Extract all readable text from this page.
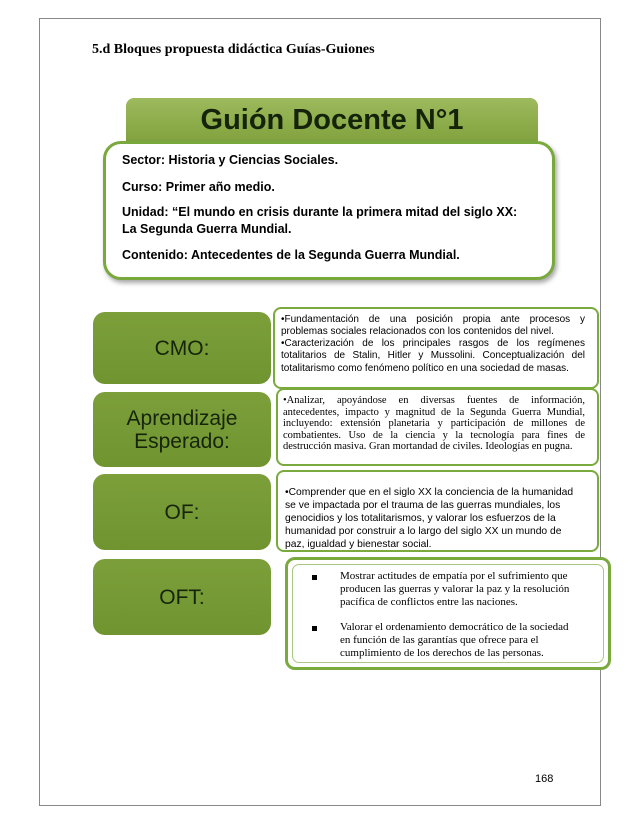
5.d Bloques propuesta didáctica Guías-Guiones
Guión Docente N°1
Sector: Historia y Ciencias Sociales.
Curso: Primer año medio.
Unidad: “El mundo en crisis durante la primera mitad del siglo XX:
La Segunda Guerra Mundial.
Contenido: Antecedentes de la Segunda Guerra Mundial.
CMO:
•Fundamentación de una posición propia ante procesos y problemas sociales relacionados con los contenidos del nivel.
•Caracterización de los principales rasgos de los regímenes totalitarios de Stalin, Hitler y Mussolini. Conceptualización del totalitarismo como fenómeno político en una sociedad de masas.
Aprendizaje
Esperado:
•Analizar, apoyándose en diversas fuentes de información, antecedentes, impacto y magnitud de la Segunda Guerra Mundial, incluyendo: extensión planetaria y participación de millones de combatientes. Uso de la ciencia y la tecnología para fines de destrucción masiva. Gran mortandad de civiles. Ideologías en pugna.
OF:
•Comprender que en el siglo XX la conciencia de la humanidad se ve impactada por el trauma de las guerras mundiales, los genocidios y los totalitarismos, y valorar los esfuerzos de la humanidad por construir a lo largo del siglo XX un mundo de paz, igualdad y bienestar social.
OFT:
Mostrar actitudes de empatía por el sufrimiento que
producen las guerras y valorar la paz y la resolución
pacífica de conflictos entre las naciones.
Valorar el ordenamiento democrático de la sociedad
en función de las garantías que ofrece para el
cumplimiento de los derechos de las personas.
168
